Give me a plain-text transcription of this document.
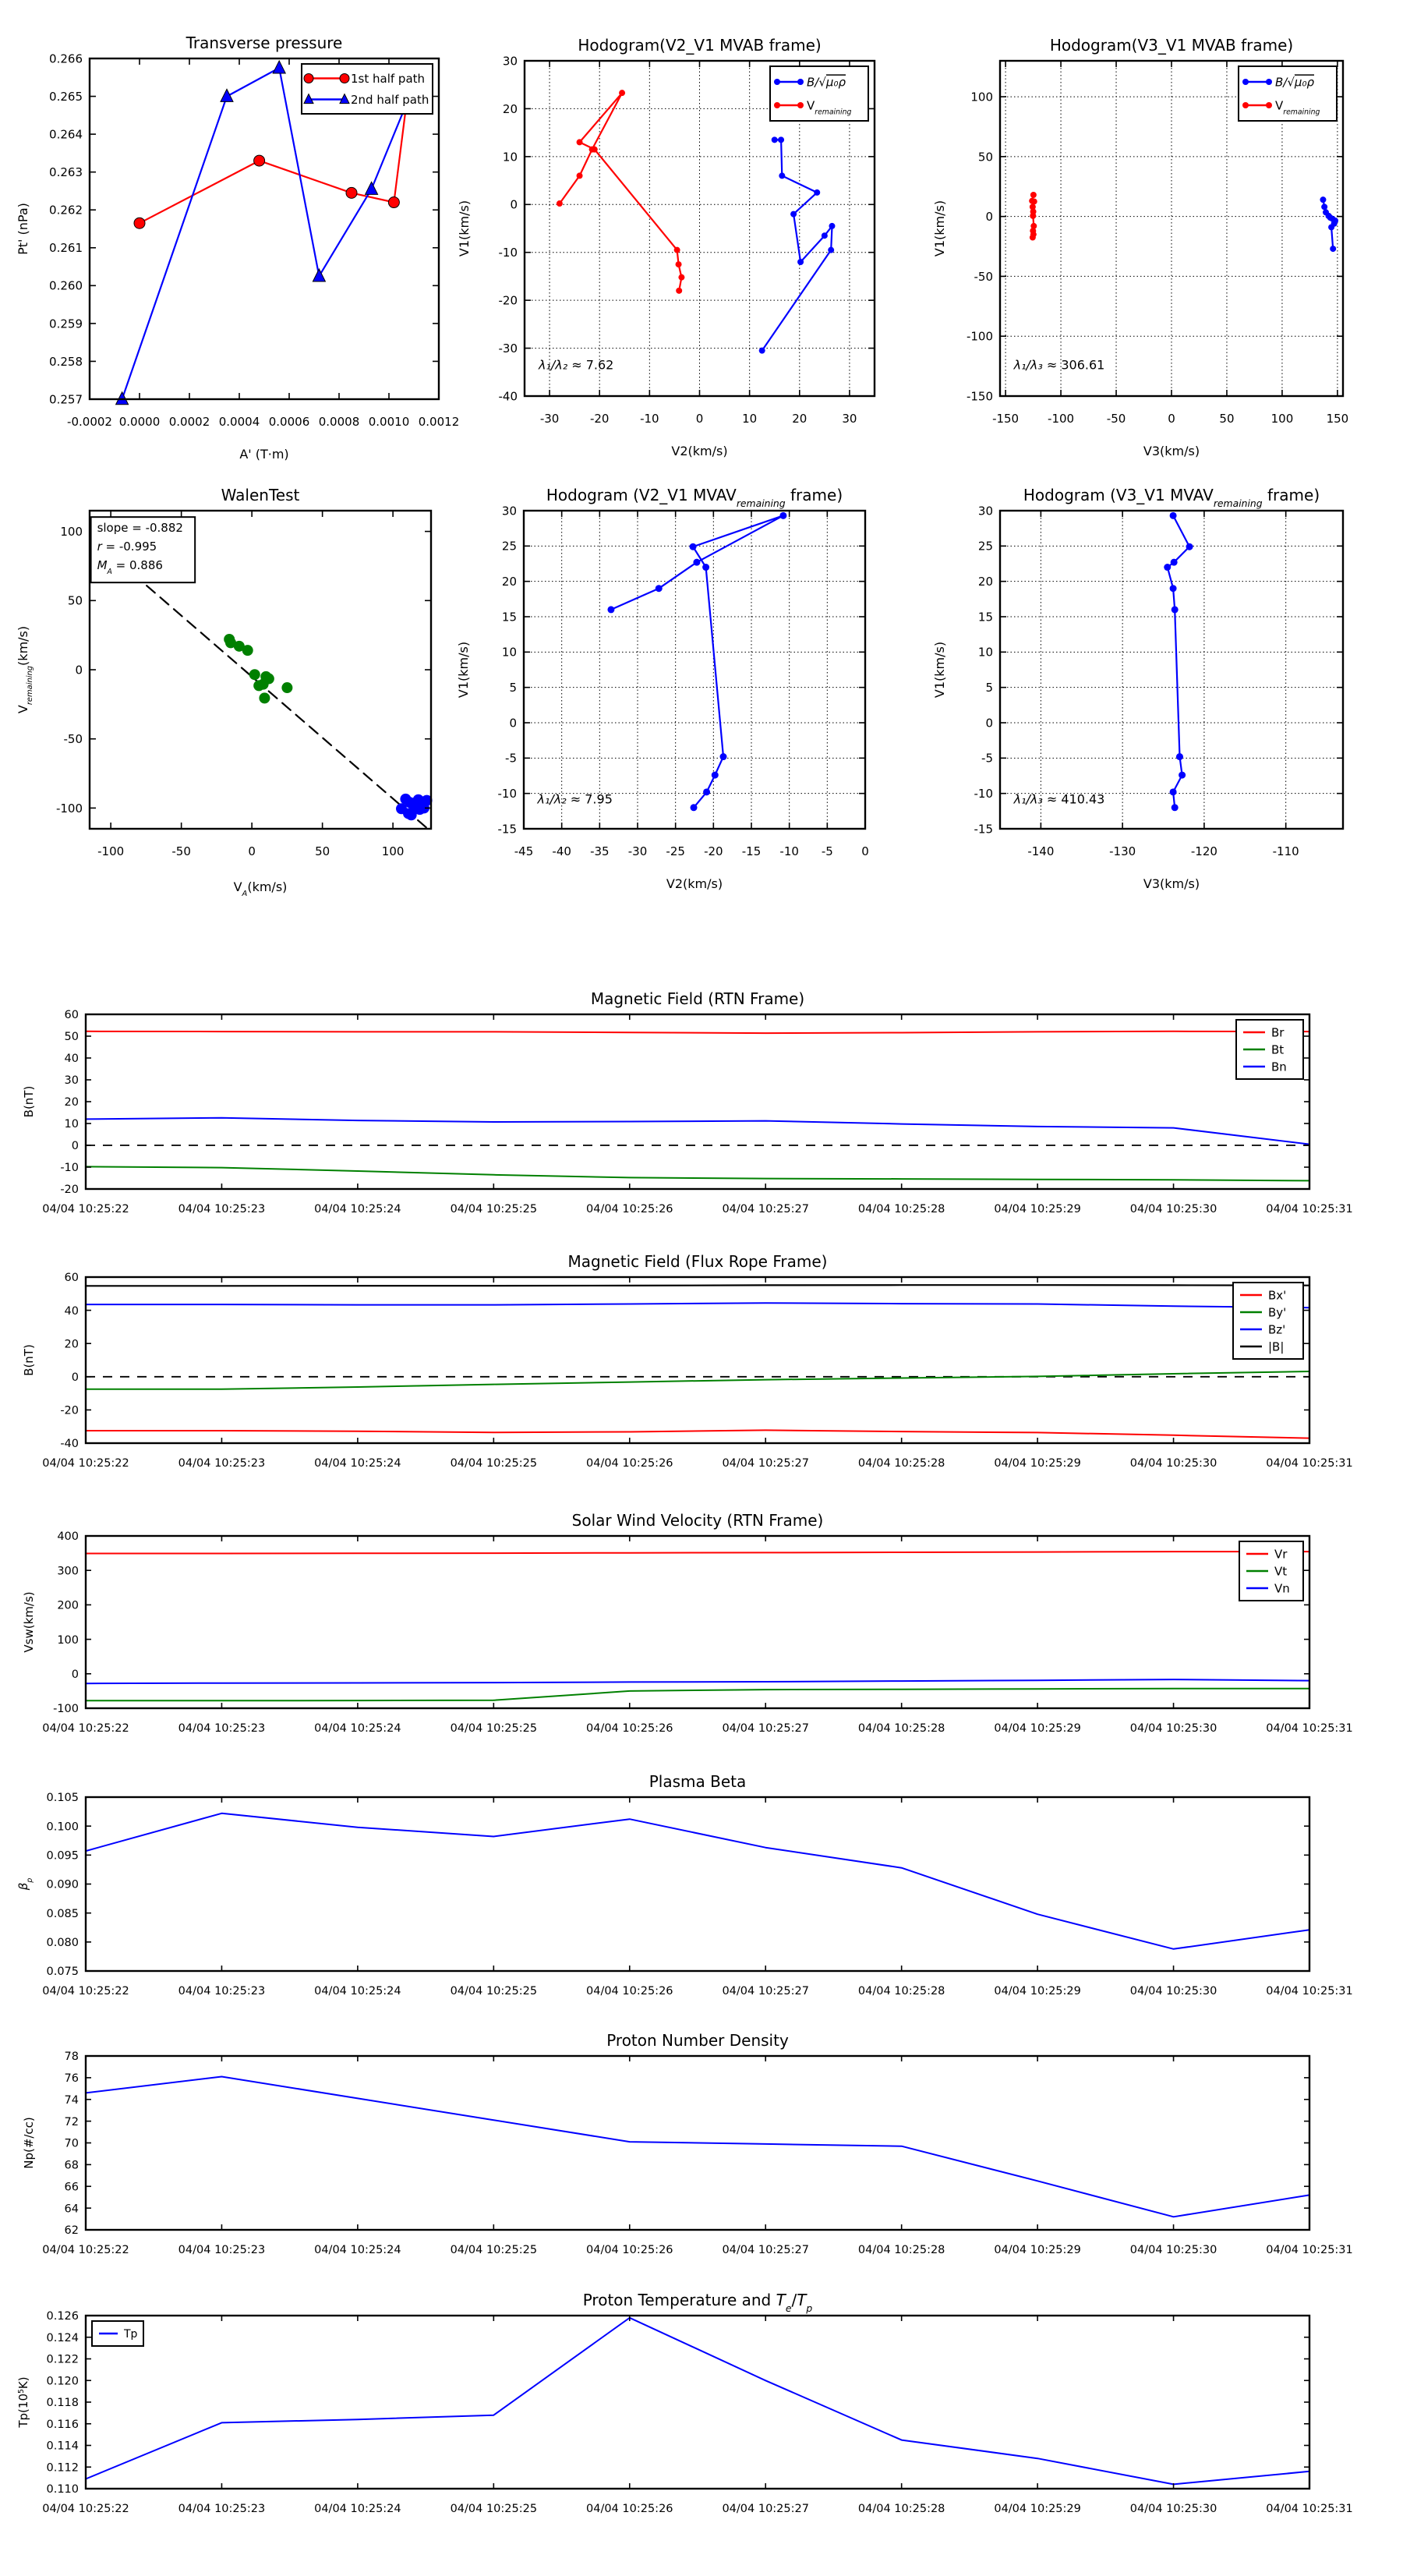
-0.0002 0.0000 0.0002 0.0004 0.0006 0.0008 0.0010 0.0012
0.257
0.258
0.259
0.260
0.261
0.262
0.263
0.264
0.265
0.266
Transverse pressure
A' (T·m)
Pt' (nPa)
1st half path
2nd half path
-30	-20	-10	0	10	20	30
-40
-30
-20
-10
0
10
20
30
Hodogram(V2_V1 MVAB frame)
V2(km/s)
V1(km/s)
B/√μ₀ρ
$V_{remaining}$
λ₁/λ₂ ≈ 7.62
-150 -100	-50	0	50	100	150
-150
-100
-50
0
50
100
Hodogram(V3_V1 MVAB frame)
V3(km/s)
V1(km/s)
B/√μ₀ρ
$V_{remaining}$
λ₁/λ₃ ≈ 306.61
-100	-50	0	50	100
-100
-50
0
50
100
WalenTest
$V_A(km/s)$
$V_{remaining}(km/s)$
slope = -0.882
r = -0.995
$M_A = 0.886$
-45 -40 -35 -30 -25 -20 -15 -10 -5 0
-15
-10
-5
0
5
10
15
20
25
30
Hodogram (V2_V1 $MVAV_{remaining}$ frame)
V2(km/s)
V1(km/s)
λ₁/λ₂ ≈ 7.95
-140	-130	-120	-110
-15
-10
-5
0
5
10
15
20
25
30
Hodogram (V3_V1 $MVAV_{remaining}$ frame)
V3(km/s)
V1(km/s)
λ₁/λ₃ ≈ 410.43
04/04 10:25:22	04/04 10:25:23	04/04 10:25:24	04/04 10:25:25	04/04 10:25:26	04/04 10:25:27	04/04 10:25:28	04/04 10:25:29	04/04 10:25:30	04/04 10:25:31
-20
-10
0
10
20
30
40
50
60
Magnetic Field (RTN Frame)
B(nT)
Br
Bt
Bn
04/04 10:25:22	04/04 10:25:23	04/04 10:25:24	04/04 10:25:25	04/04 10:25:26	04/04 10:25:27	04/04 10:25:28	04/04 10:25:29	04/04 10:25:30	04/04 10:25:31
-40
-20
0
20
40
60
Magnetic Field (Flux Rope Frame)
B(nT)
Bx'
By'
Bz'
|B|
04/04 10:25:22	04/04 10:25:23	04/04 10:25:24	04/04 10:25:25	04/04 10:25:26	04/04 10:25:27	04/04 10:25:28	04/04 10:25:29	04/04 10:25:30	04/04 10:25:31
-100
0
100
200
300
400
Solar Wind Velocity (RTN Frame)
Vsw(km/s)
Vr
Vt
Vn
04/04 10:25:22	04/04 10:25:23	04/04 10:25:24	04/04 10:25:25	04/04 10:25:26	04/04 10:25:27	04/04 10:25:28	04/04 10:25:29	04/04 10:25:30	04/04 10:25:31
0.075
0.080
0.085
0.090
0.095
0.100
0.105
Plasma Beta
$\beta_p$
04/04 10:25:22	04/04 10:25:23	04/04 10:25:24	04/04 10:25:25	04/04 10:25:26	04/04 10:25:27	04/04 10:25:28	04/04 10:25:29	04/04 10:25:30	04/04 10:25:31
62
64
66
68
70
72
74
76
78
Proton Number Density
Np(#/cc)
04/04 10:25:22	04/04 10:25:23	04/04 10:25:24	04/04 10:25:25	04/04 10:25:26	04/04 10:25:27	04/04 10:25:28	04/04 10:25:29	04/04 10:25:30	04/04 10:25:31
0.110
0.112
0.114
0.116
0.118
0.120
0.122
0.124
0.126
Proton Temperature and $T_e/T_p$
$Tp(10^5K)$
Tp
